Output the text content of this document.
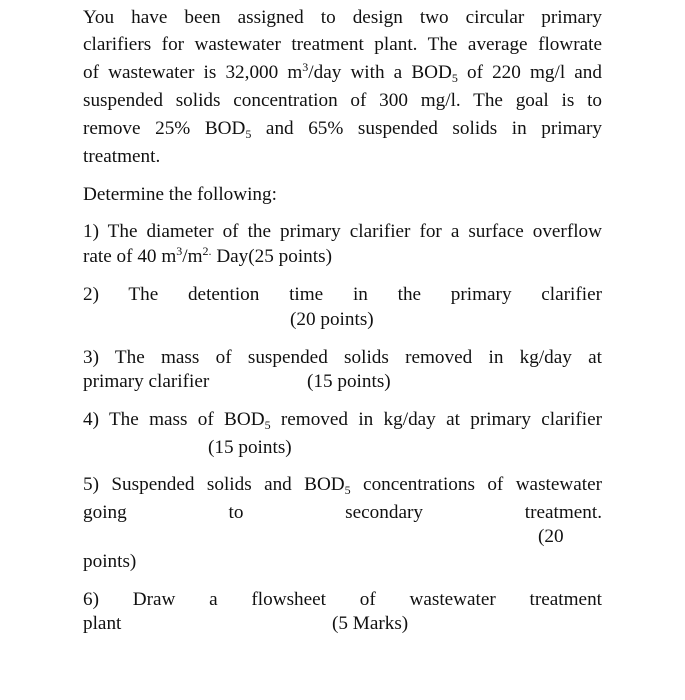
You have been assigned to design two circular primary
clarifiers for wastewater treatment plant. The average flowrate
of wastewater is 32,000 $m^3$/day with a $BOD_5$ of 220 mg/l and
suspended solids concentration of 300 mg/l. The goal is to
remove 25% $BOD_5$ and 65% suspended solids in primary
treatment.
Determine the following:
1) The diameter of the primary clarifier for a surface overflow
rate of 40 $m^3/m^{2.}$ Day(25 points)
2) The detention time in the primary clarifier
(20 points)
3) The mass of suspended solids removed in kg/day at
primary clarifier	(15 points)
4) The mass of $BOD_5$ removed in kg/day at primary clarifier
(15 points)
5) Suspended solids and $BOD_5$ concentrations of wastewater
going to secondary treatment.
(20
points)
6) Draw a flowsheet of wastewater treatment
plant	(5 Marks)
